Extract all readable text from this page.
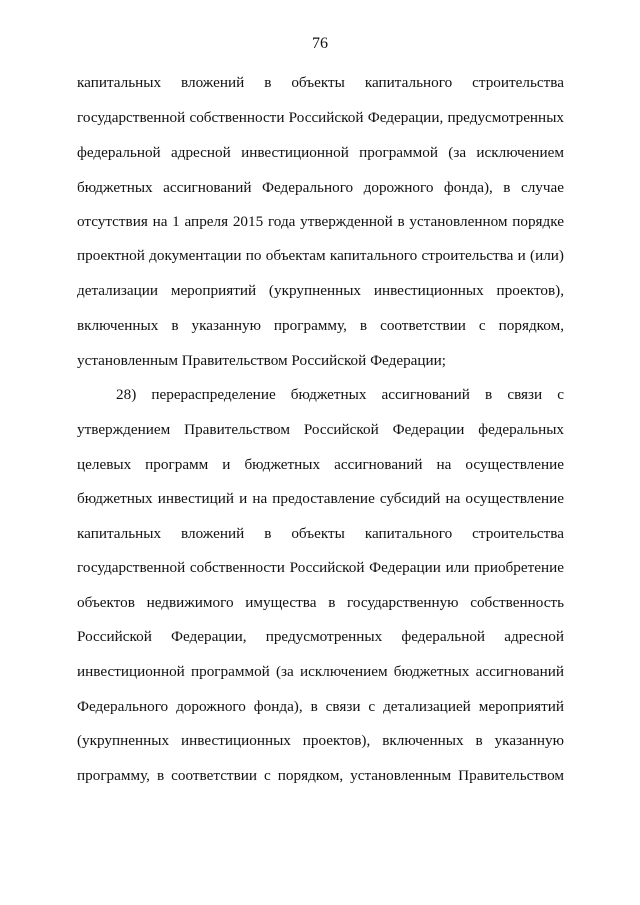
76
капитальных вложений в объекты капитального строительства
государственной собственности Российской Федерации, предусмотренных
федеральной адресной инвестиционной программой (за исключением
бюджетных ассигнований Федерального дорожного фонда), в случае
отсутствия на 1 апреля 2015 года утвержденной в установленном порядке
проектной документации по объектам капитального строительства и (или)
детализации мероприятий (укрупненных инвестиционных проектов),
включенных в указанную программу, в соответствии с порядком,
установленным Правительством Российской Федерации;
28) перераспределение бюджетных ассигнований в связи с
утверждением Правительством Российской Федерации федеральных
целевых программ и бюджетных ассигнований на осуществление
бюджетных инвестиций и на предоставление субсидий на осуществление
капитальных вложений в объекты капитального строительства
государственной собственности Российской Федерации или приобретение
объектов недвижимого имущества в государственную собственность
Российской Федерации, предусмотренных федеральной адресной
инвестиционной программой (за исключением бюджетных ассигнований
Федерального дорожного фонда), в связи с детализацией мероприятий
(укрупненных инвестиционных проектов), включенных в указанную
программу, в соответствии с порядком, установленным Правительством
